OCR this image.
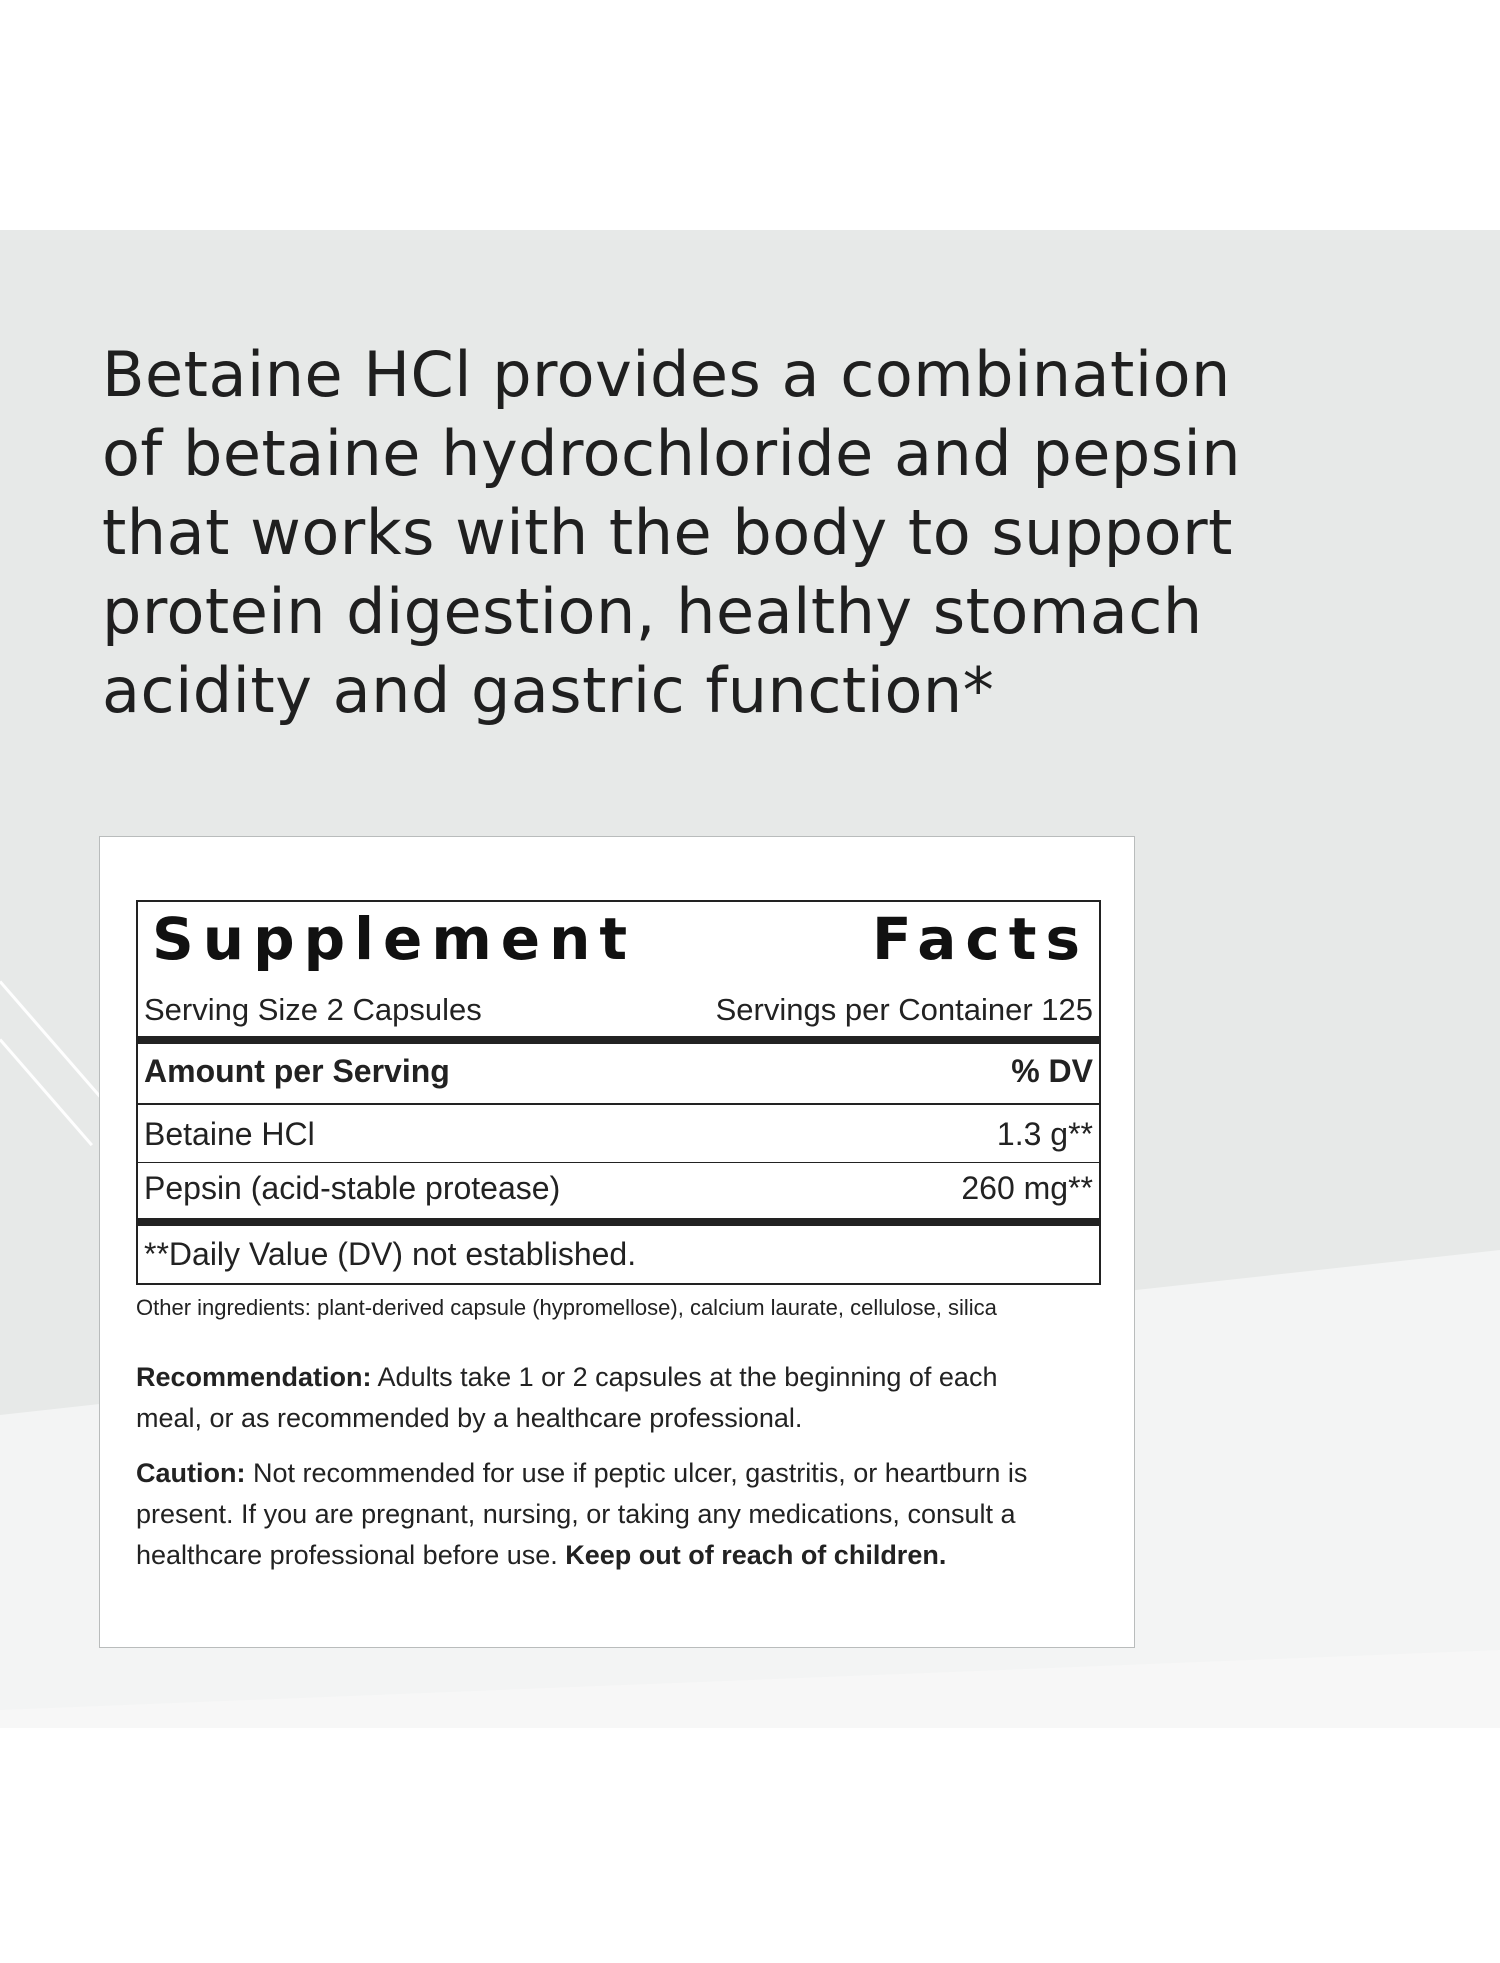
Betaine HCl provides a combination
of betaine hydrochloride and pepsin
that works with the body to support
protein digestion, healthy stomach
acidity and gastric function*
Supplement Facts
Serving Size 2 Capsules	Servings per Container 125
Amount per Serving	% DV
Betaine HCl	1.3 g**
Pepsin (acid-stable protease)	260 mg**
**Daily Value (DV) not established.
Other ingredients: plant-derived capsule (hypromellose), calcium laurate, cellulose, silica
Recommendation: Adults take 1 or 2 capsules at the beginning of each
meal, or as recommended by a healthcare professional.
Caution: Not recommended for use if peptic ulcer, gastritis, or heartburn is
present. If you are pregnant, nursing, or taking any medications, consult a
healthcare professional before use. Keep out of reach of children.
